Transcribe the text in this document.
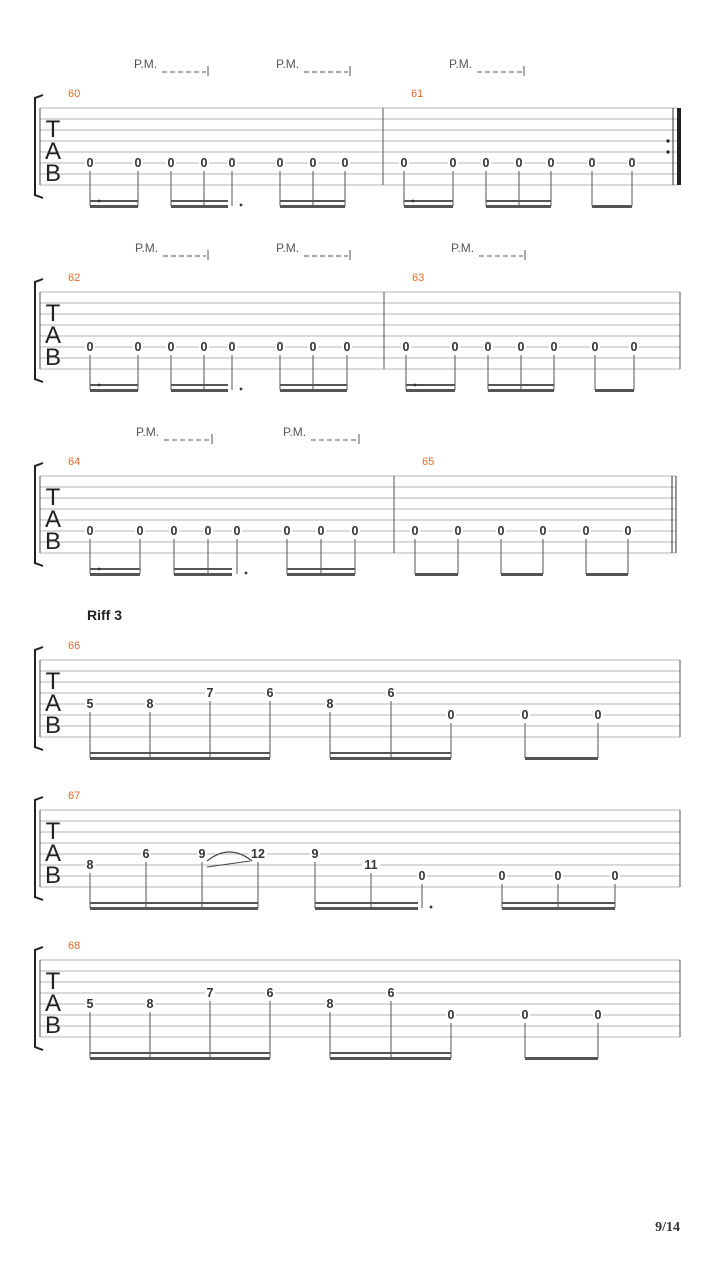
T
A
B
P.M.	P.M.	P.M.
60
0	0 0 0 0	0 0 0
61
0	0 0 0 0	0	0
T
A
B
P.M.	P.M.	P.M.
62
0	0 0 0 0	0 0 0
63
0	0 0 0 0	0	0
T
A
B
P.M.	P.M.
64
0	0 0 0 0	0 0 0
65
0	0	0	0	0	0
T
A
B
66
5	8
7	6
8
6
0	0	0
T
A
B
67
8
6	9	12	9
11
0	0	0	0
T
A
B
68
5	8
7	6
8
6
0	0	0
Riff 3
9/14
